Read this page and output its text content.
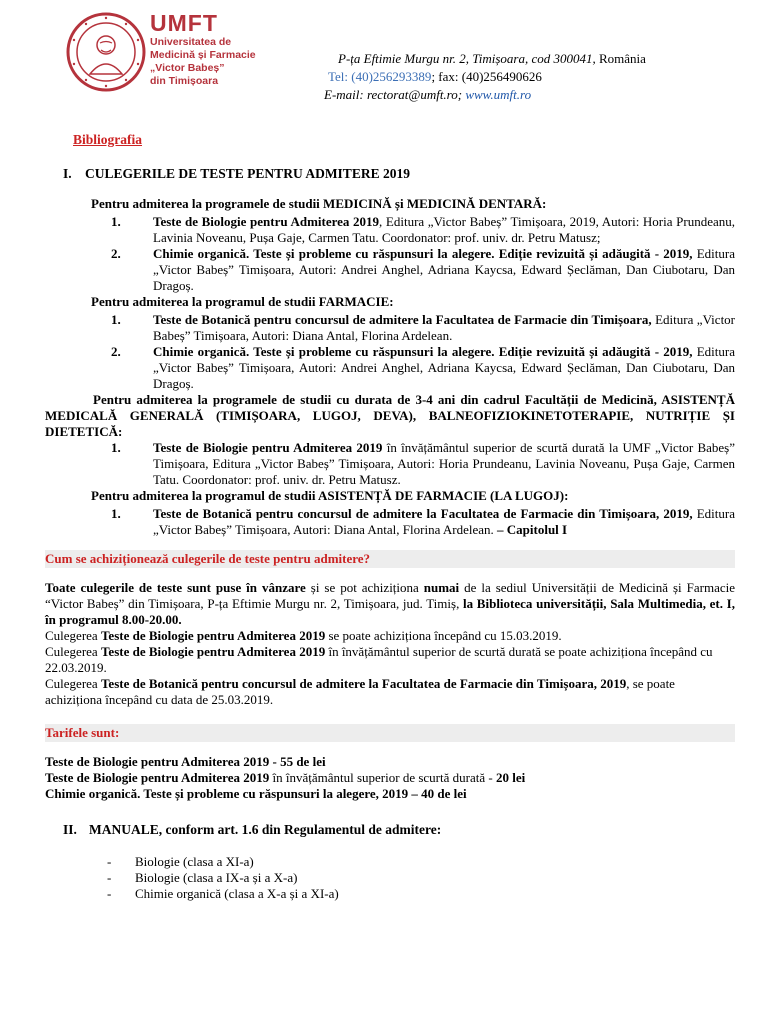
UMFT
Universitatea de
Medicină și Farmacie
„Victor Babeș”
din Timișoara
P-ța Eftimie Murgu nr. 2, Timișoara, cod 300041, România
Tel: (40)256293389; fax: (40)256490626
E-mail: rectorat@umft.ro; www.umft.ro
Bibliografia
I. CULEGERILE DE TESTE PENTRU ADMITERE 2019
Pentru admiterea la programele de studii MEDICINĂ și MEDICINĂ DENTARĂ:
1.	Teste de Biologie pentru Admiterea 2019, Editura „Victor Babeș” Timișoara, 2019, Autori: Horia Prundeanu, Lavinia Noveanu, Pușa Gaje, Carmen Tatu. Coordonator: prof. univ. dr. Petru Matusz;
2.	Chimie organică. Teste și probleme cu răspunsuri la alegere. Ediție revizuită și adăugită - 2019, Editura „Victor Babeș” Timișoara, Autori: Andrei Anghel, Adriana Kaycsa, Edward Șeclăman, Dan Ciubotaru, Dan Dragoș.
Pentru admiterea la programul de studii FARMACIE:
1.	Teste de Botanică pentru concursul de admitere la Facultatea de Farmacie din Timișoara, Editura „Victor Babeș” Timișoara, Autori: Diana Antal, Florina Ardelean.
2.	Chimie organică. Teste și probleme cu răspunsuri la alegere. Ediție revizuită și adăugită - 2019, Editura „Victor Babeș” Timișoara, Autori: Andrei Anghel, Adriana Kaycsa, Edward Șeclăman, Dan Ciubotaru, Dan Dragoș.
Pentru admiterea la programele de studii cu durata de 3-4 ani din cadrul Facultății de Medicină, ASISTENȚĂ MEDICALĂ GENERALĂ (TIMIȘOARA, LUGOJ, DEVA), BALNEOFIZIOKINETOTERAPIE, NUTRIȚIE ȘI DIETETICĂ:
1.	Teste de Biologie pentru Admiterea 2019 în învățământul superior de scurtă durată la UMF „Victor Babeș” Timișoara, Editura „Victor Babeș” Timișoara, Autori: Horia Prundeanu, Lavinia Noveanu, Pușa Gaje, Carmen Tatu. Coordonator: prof. univ. dr. Petru Matusz.
Pentru admiterea la programul de studii ASISTENȚĂ DE FARMACIE (LA LUGOJ):
1.	Teste de Botanică pentru concursul de admitere la Facultatea de Farmacie din Timișoara, 2019, Editura „Victor Babeș” Timișoara, Autori: Diana Antal, Florina Ardelean. – Capitolul I
Cum se achiziționează culegerile de teste pentru admitere?
Toate culegerile de teste sunt puse în vânzare și se pot achiziționa numai de la sediul Universității de Medicină și Farmacie “Victor Babeș” din Timișoara, P-ța Eftimie Murgu nr. 2, Timișoara, jud. Timiș, la Biblioteca universității, Sala Multimedia, et. I, în programul 8.00-20.00.
Culegerea Teste de Biologie pentru Admiterea 2019 se poate achiziționa începând cu 15.03.2019.
Culegerea Teste de Biologie pentru Admiterea 2019 în învățământul superior de scurtă durată se poate achiziționa începând cu 22.03.2019.
Culegerea Teste de Botanică pentru concursul de admitere la Facultatea de Farmacie din Timișoara, 2019, se poate achiziționa începând cu data de 25.03.2019.
Tarifele sunt:
Teste de Biologie pentru Admiterea 2019 - 55 de lei
Teste de Biologie pentru Admiterea 2019 în învățământul superior de scurtă durată - 20 lei
Chimie organică. Teste și probleme cu răspunsuri la alegere, 2019 – 40 de lei
II. MANUALE, conform art. 1.6 din Regulamentul de admitere:
-	Biologie (clasa a XI-a)
-	Biologie (clasa a IX-a și a X-a)
-	Chimie organică (clasa a X-a și a XI-a)
